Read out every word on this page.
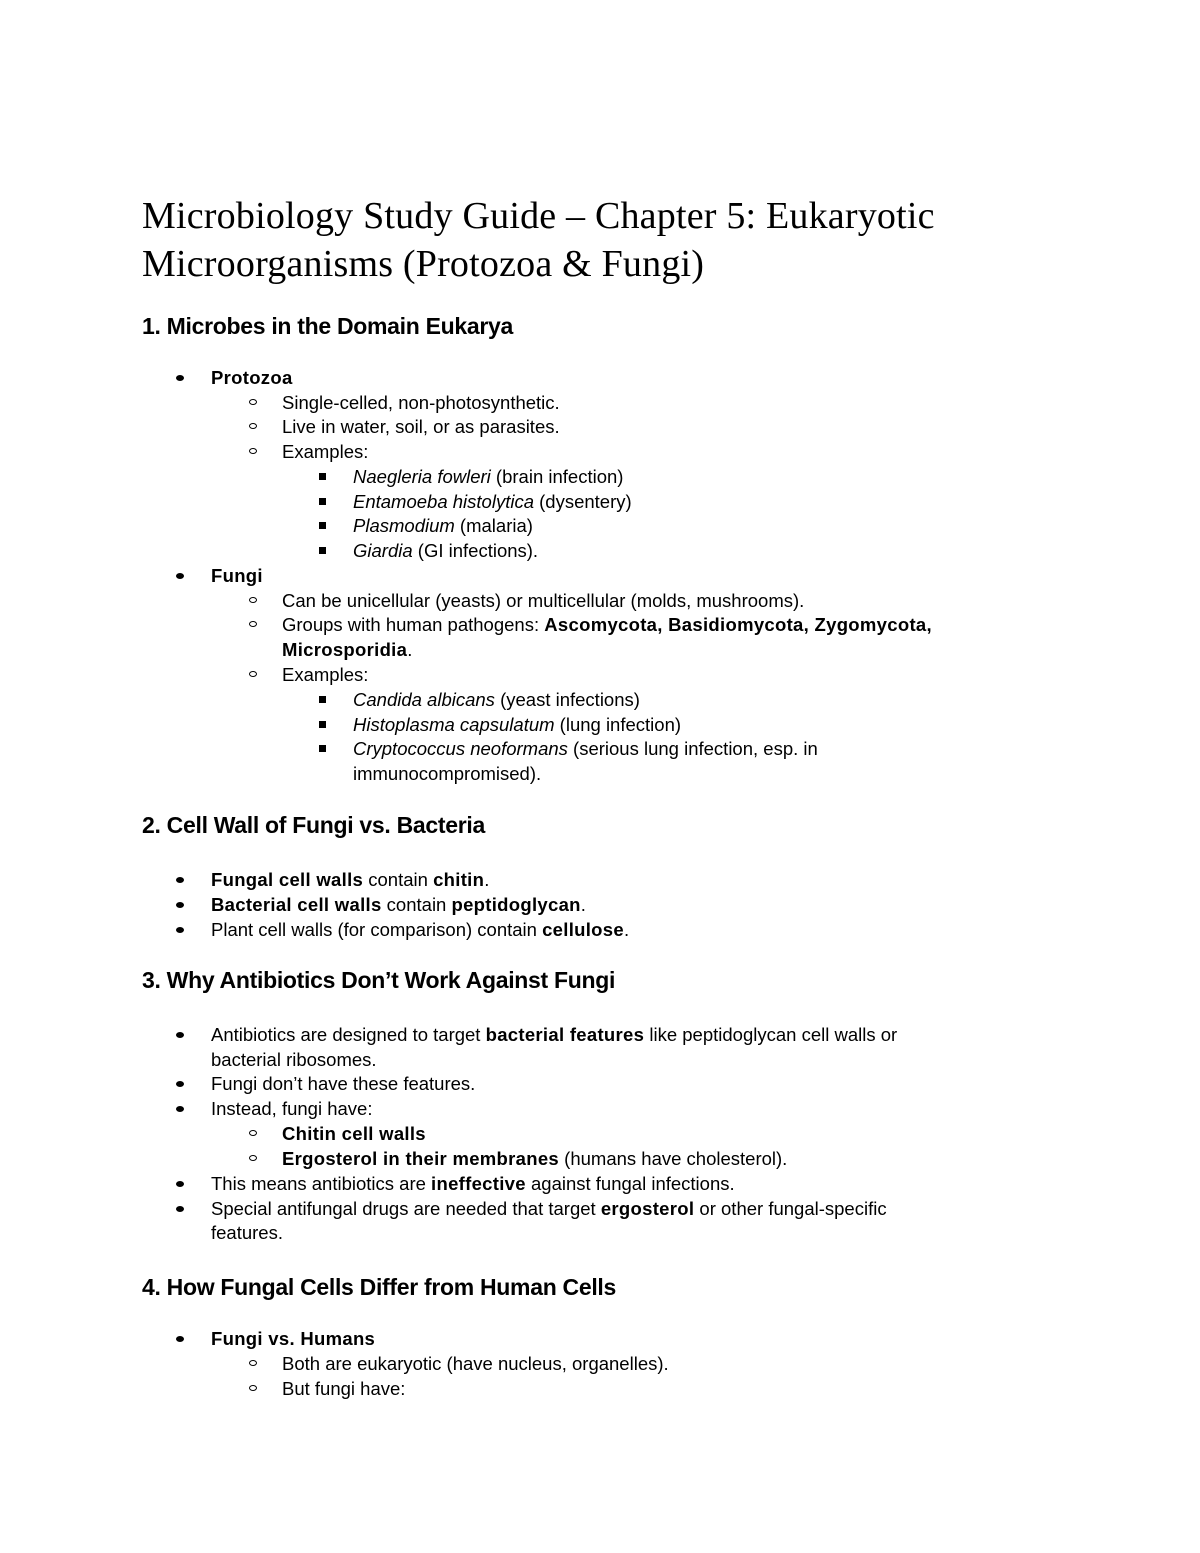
Microbiology Study Guide – Chapter 5: Eukaryotic Microorganisms (Protozoa & Fungi)
1. Microbes in the Domain Eukarya
Protozoa
Single-celled, non-photosynthetic.
Live in water, soil, or as parasites.
Examples:
Naegleria fowleri (brain infection)
Entamoeba histolytica (dysentery)
Plasmodium (malaria)
Giardia (GI infections).
Fungi
Can be unicellular (yeasts) or multicellular (molds, mushrooms).
Groups with human pathogens: Ascomycota, Basidiomycota, Zygomycota,
Microsporidia.
Examples:
Candida albicans (yeast infections)
Histoplasma capsulatum (lung infection)
Cryptococcus neoformans (serious lung infection, esp. in
immunocompromised).
2. Cell Wall of Fungi vs. Bacteria
Fungal cell walls contain chitin.
Bacterial cell walls contain peptidoglycan.
Plant cell walls (for comparison) contain cellulose.
3. Why Antibiotics Don’t Work Against Fungi
Antibiotics are designed to target bacterial features like peptidoglycan cell walls or
bacterial ribosomes.
Fungi don’t have these features.
Instead, fungi have:
Chitin cell walls
Ergosterol in their membranes (humans have cholesterol).
This means antibiotics are ineffective against fungal infections.
Special antifungal drugs are needed that target ergosterol or other fungal-specific
features.
4. How Fungal Cells Differ from Human Cells
Fungi vs. Humans
Both are eukaryotic (have nucleus, organelles).
But fungi have:
